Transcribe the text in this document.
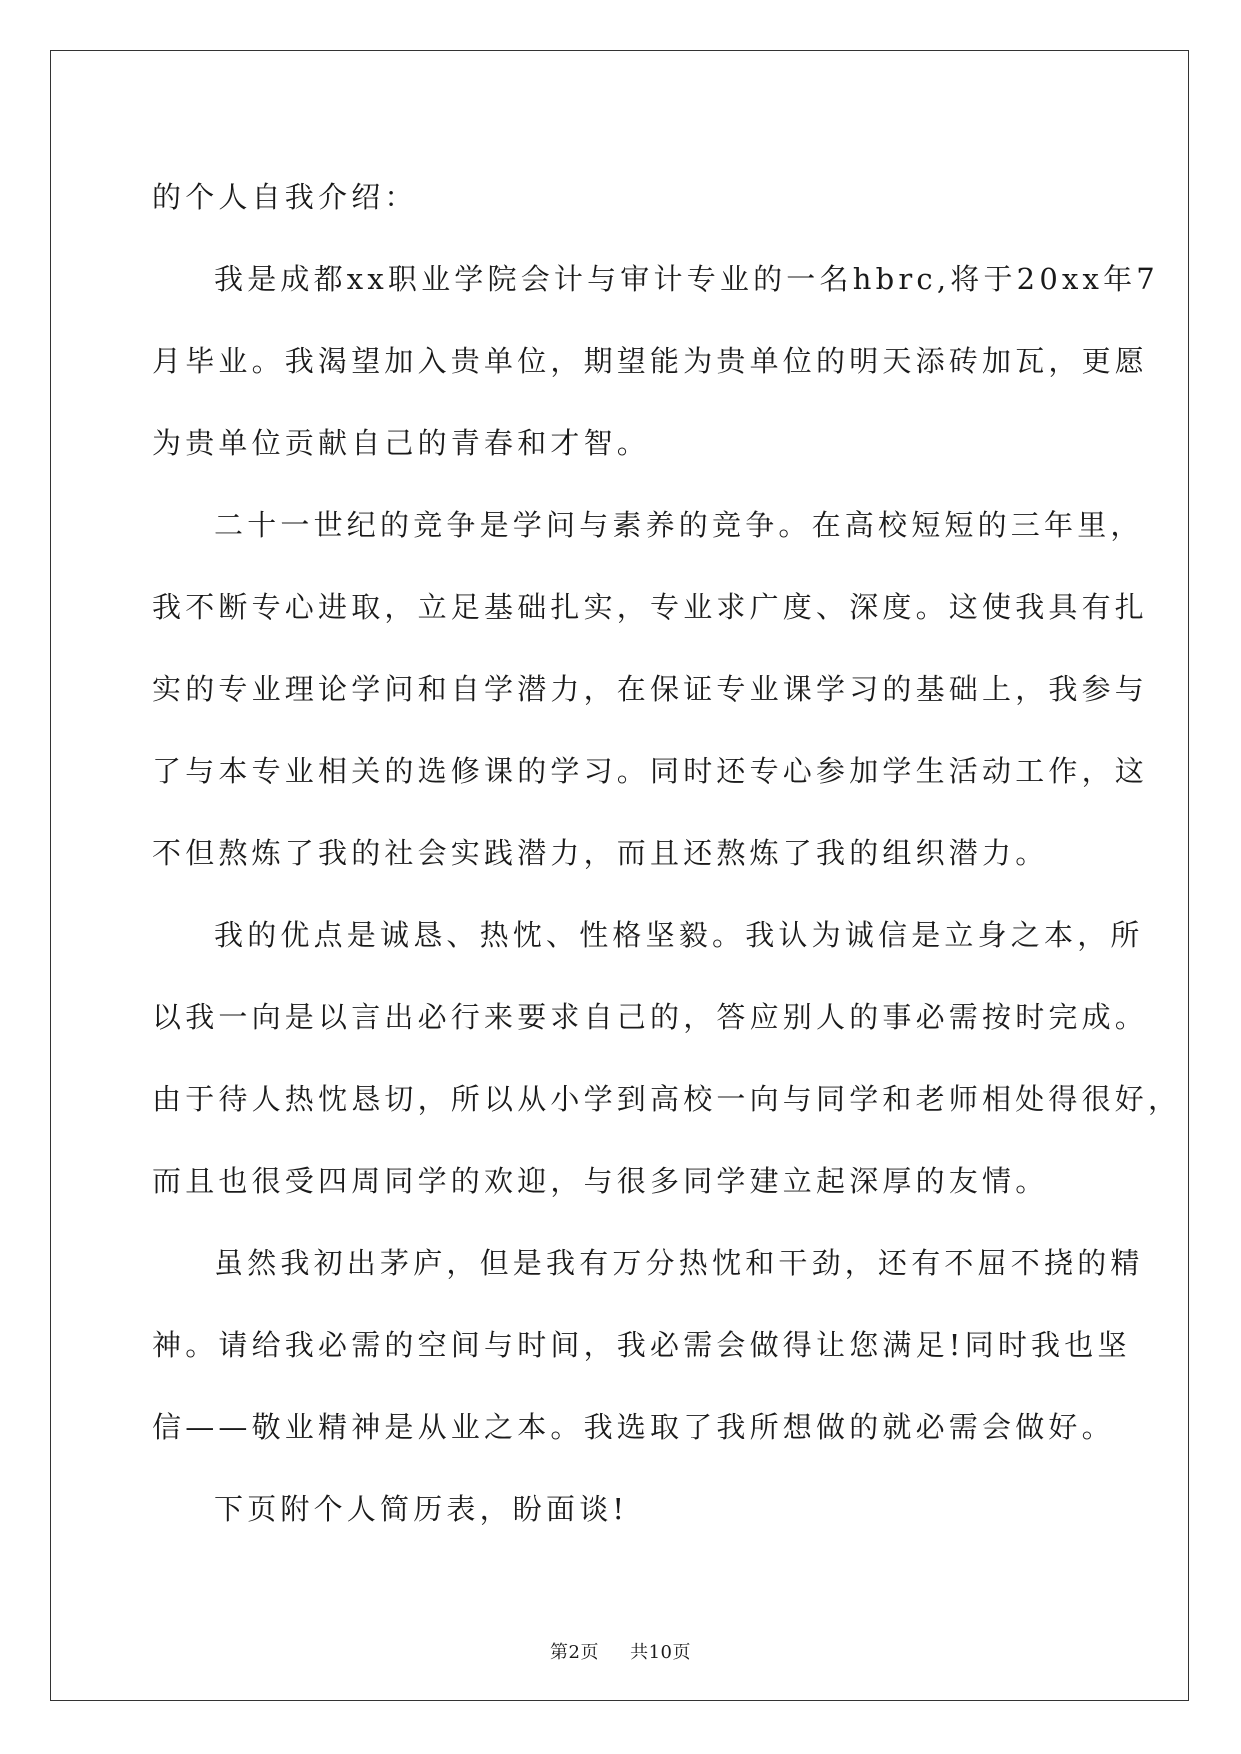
的个人自我介绍：
我是成都xx职业学院会计与审计专业的一名hbrc,将于20xx年7
月毕业。我渴望加入贵单位，期望能为贵单位的明天添砖加瓦，更愿
为贵单位贡献自己的青春和才智。
二十一世纪的竞争是学问与素养的竞争。在高校短短的三年里，
我不断专心进取，立足基础扎实，专业求广度、深度。这使我具有扎
实的专业理论学问和自学潜力，在保证专业课学习的基础上，我参与
了与本专业相关的选修课的学习。同时还专心参加学生活动工作，这
不但熬炼了我的社会实践潜力，而且还熬炼了我的组织潜力。
我的优点是诚恳、热忱、性格坚毅。我认为诚信是立身之本，所
以我一向是以言出必行来要求自己的，答应别人的事必需按时完成。
由于待人热忱恳切，所以从小学到高校一向与同学和老师相处得很好，
而且也很受四周同学的欢迎，与很多同学建立起深厚的友情。
虽然我初出茅庐，但是我有万分热忱和干劲，还有不屈不挠的精
神。请给我必需的空间与时间，我必需会做得让您满足!同时我也坚
信——敬业精神是从业之本。我选取了我所想做的就必需会做好。
下页附个人简历表，盼面谈!
第2页 共10页
